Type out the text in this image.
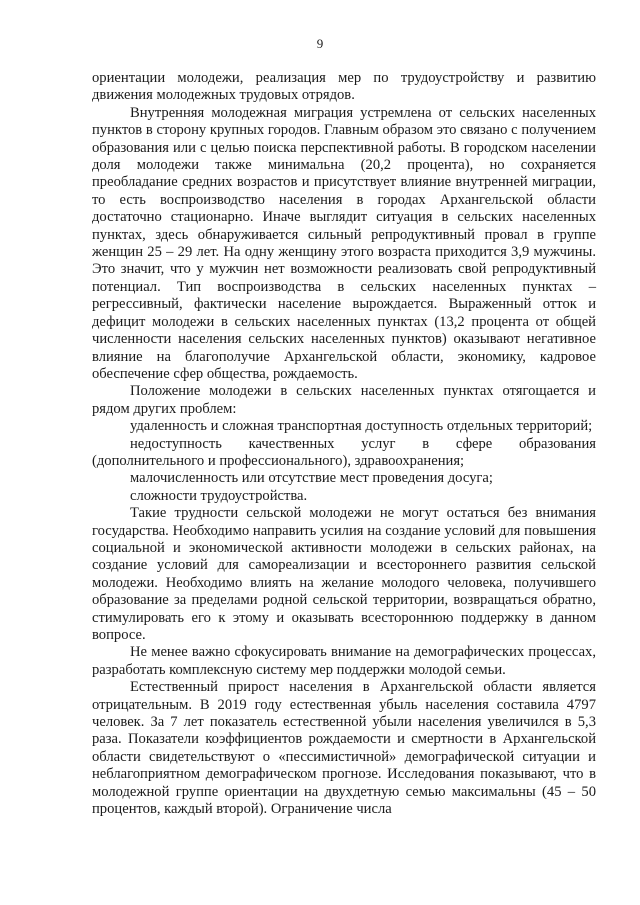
9

ориентации молодежи, реализация мер по трудоустройству и развитию движения молодежных трудовых отрядов.

Внутренняя молодежная миграция устремлена от сельских населенных пунктов в сторону крупных городов. Главным образом это связано с получением образования или с целью поиска перспективной работы. В городском населении доля молодежи также минимальна (20,2 процента), но сохраняется преобладание средних возрастов и присутствует влияние внутренней миграции, то есть воспроизводство населения в городах Архангельской области достаточно стационарно. Иначе выглядит ситуация в сельских населенных пунктах, здесь обнаруживается сильный репродуктивный провал в группе женщин 25 – 29 лет. На одну женщину этого возраста приходится 3,9 мужчины. Это значит, что у мужчин нет возможности реализовать свой репродуктивный потенциал. Тип воспроизводства в сельских населенных пунктах – регрессивный, фактически население вырождается. Выраженный отток и дефицит молодежи в сельских населенных пунктах (13,2 процента от общей численности населения сельских населенных пунктов) оказывают негативное влияние на благополучие Архангельской области, экономику, кадровое обеспечение сфер общества, рождаемость.

Положение молодежи в сельских населенных пунктах отягощается и рядом других проблем:

удаленность и сложная транспортная доступность отдельных территорий;

недоступность качественных услуг в сфере образования (дополнительного и профессионального), здравоохранения;

малочисленность или отсутствие мест проведения досуга;

сложности трудоустройства.

Такие трудности сельской молодежи не могут остаться без внимания государства. Необходимо направить усилия на создание условий для повышения социальной и экономической активности молодежи в сельских районах, на создание условий для самореализации и всестороннего развития сельской молодежи. Необходимо влиять на желание молодого человека, получившего образование за пределами родной сельской территории, возвращаться обратно, стимулировать его к этому и оказывать всестороннюю поддержку в данном вопросе.

Не менее важно сфокусировать внимание на демографических процессах, разработать комплексную систему мер поддержки молодой семьи.

Естественный прирост населения в Архангельской области является отрицательным. В 2019 году естественная убыль населения составила 4797 человек. За 7 лет показатель естественной убыли населения увеличился в 5,3 раза. Показатели коэффициентов рождаемости и смертности в Архангельской области свидетельствуют о «пессимистичной» демографической ситуации и неблагоприятном демографическом прогнозе. Исследования показывают, что в молодежной группе ориентации на двухдетную семью максимальны (45 – 50 процентов, каждый второй). Ограничение числа
